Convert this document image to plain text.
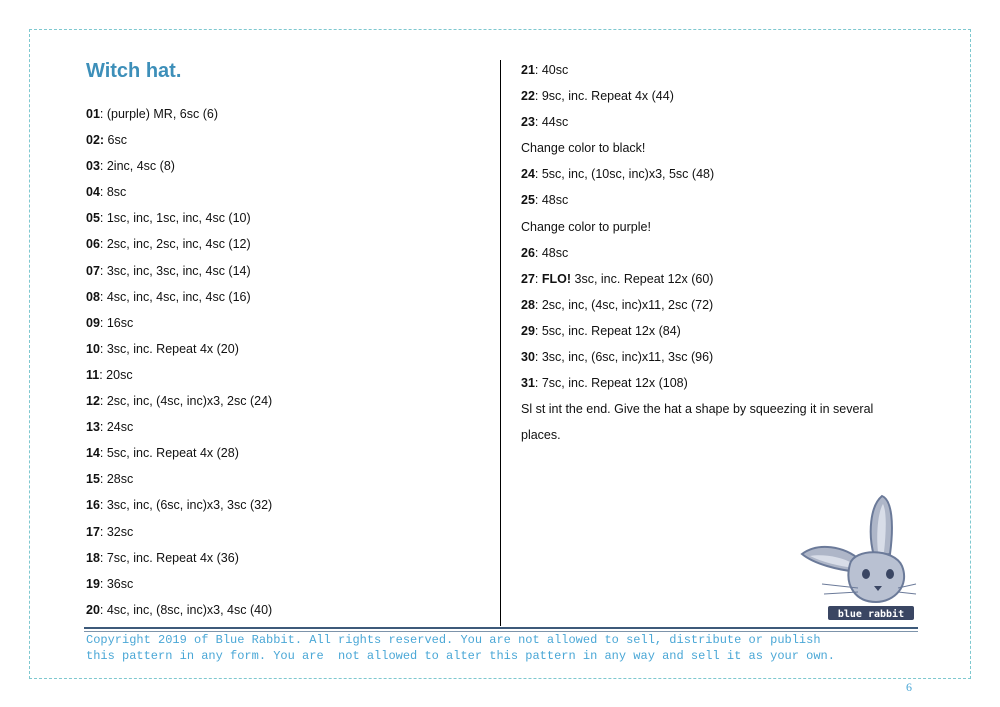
Witch hat.
01: (purple) MR, 6sc (6)
02: 6sc
03: 2inc, 4sc (8)
04: 8sc
05: 1sc, inc, 1sc, inc, 4sc (10)
06: 2sc, inc, 2sc, inc, 4sc (12)
07: 3sc, inc, 3sc, inc, 4sc (14)
08: 4sc, inc, 4sc, inc, 4sc (16)
09: 16sc
10: 3sc, inc. Repeat 4x (20)
11: 20sc
12: 2sc, inc, (4sc, inc)x3, 2sc (24)
13: 24sc
14: 5sc, inc. Repeat 4x (28)
15: 28sc
16: 3sc, inc, (6sc, inc)x3, 3sc (32)
17: 32sc
18: 7sc, inc. Repeat 4x (36)
19: 36sc
20: 4sc, inc, (8sc, inc)x3, 4sc (40)
21: 40sc
22: 9sc, inc. Repeat 4x (44)
23: 44sc
Change color to black!
24: 5sc, inc, (10sc, inc)x3, 5sc (48)
25: 48sc
Change color to purple!
26: 48sc
27: FLO! 3sc, inc. Repeat 12x (60)
28: 2sc, inc, (4sc, inc)x11, 2sc (72)
29: 5sc, inc. Repeat 12x (84)
30: 3sc, inc, (6sc, inc)x11, 3sc (96)
31: 7sc, inc. Repeat 12x (108)
Sl st int the end. Give the hat a shape by squeezing it in several
places.
blue rabbit
Copyright 2019 of Blue Rabbit. All rights reserved. You are not allowed to sell, distribute or publish
this pattern in any form. You are  not allowed to alter this pattern in any way and sell it as your own.
6
